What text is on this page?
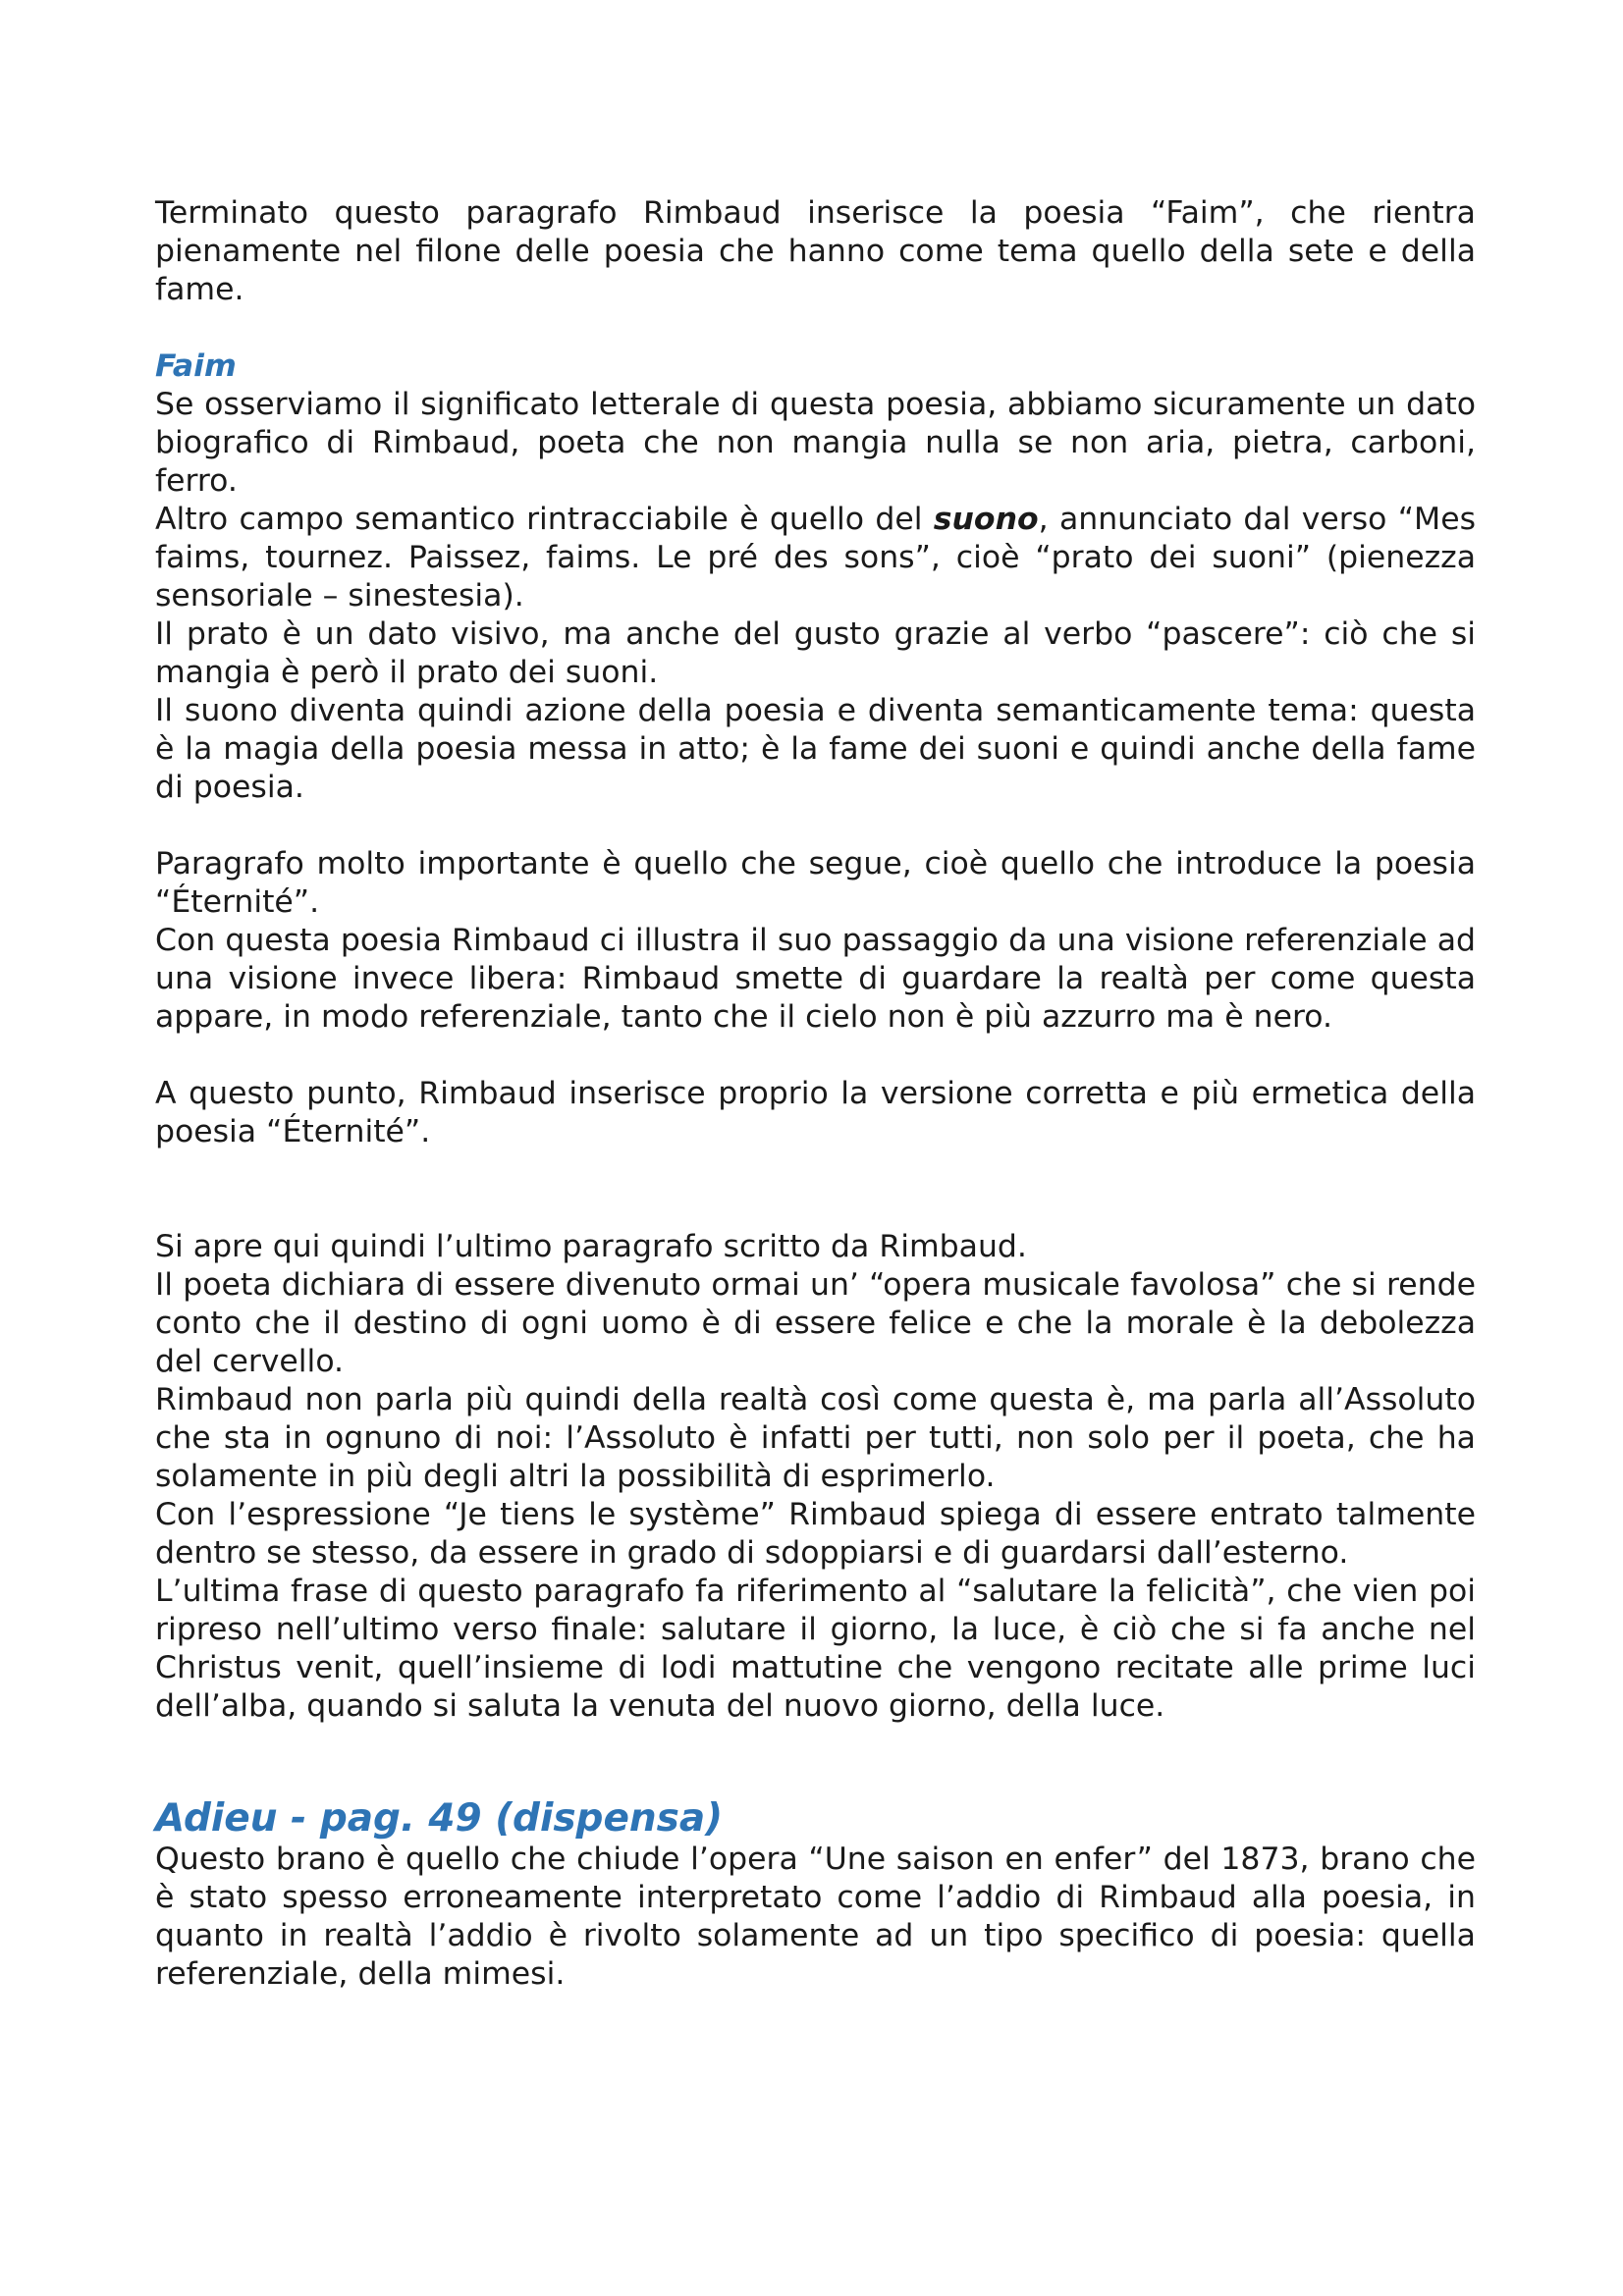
Terminato questo paragrafo Rimbaud inserisce la poesia “Faim”, che rientra pienamente nel filone delle poesia che hanno come tema quello della sete e della fame.

Faim

Se osserviamo il significato letterale di questa poesia, abbiamo sicuramente un dato biografico di Rimbaud, poeta che non mangia nulla se non aria, pietra, carboni, ferro.

Altro campo semantico rintracciabile è quello del suono, annunciato dal verso “Mes faims, tournez. Paissez, faims. Le pré des sons”, cioè “prato dei suoni” (pienezza sensoriale – sinestesia).

Il prato è un dato visivo, ma anche del gusto grazie al verbo “pascere”: ciò che si mangia è però il prato dei suoni.

Il suono diventa quindi azione della poesia e diventa semanticamente tema: questa è la magia della poesia messa in atto; è la fame dei suoni e quindi anche della fame di poesia.

Paragrafo molto importante è quello che segue, cioè quello che introduce la poesia “Éternité”.

Con questa poesia Rimbaud ci illustra il suo passaggio da una visione referenziale ad una visione invece libera: Rimbaud smette di guardare la realtà per come questa appare, in modo referenziale, tanto che il cielo non è più azzurro ma è nero.

A questo punto, Rimbaud inserisce proprio la versione corretta e più ermetica della poesia “Éternité”.

Si apre qui quindi l’ultimo paragrafo scritto da Rimbaud.

Il poeta dichiara di essere divenuto ormai un’ “opera musicale favolosa” che si rende conto che il destino di ogni uomo è di essere felice e che la morale è la debolezza del cervello.

Rimbaud non parla più quindi della realtà così come questa è, ma parla all’Assoluto che sta in ognuno di noi: l’Assoluto è infatti per tutti, non solo per il poeta, che ha solamente in più degli altri la possibilità di esprimerlo.

Con l’espressione “Je tiens le système” Rimbaud spiega di essere entrato talmente dentro se stesso, da essere in grado di sdoppiarsi e di guardarsi dall’esterno.

L’ultima frase di questo paragrafo fa riferimento al “salutare la felicità”, che vien poi ripreso nell’ultimo verso finale: salutare il giorno, la luce, è ciò che si fa anche nel Christus venit, quell’insieme di lodi mattutine che vengono recitate alle prime luci dell’alba, quando si saluta la venuta del nuovo giorno, della luce.

Adieu - pag. 49 (dispensa)

Questo brano è quello che chiude l’opera “Une saison en enfer” del 1873, brano che è stato spesso erroneamente interpretato come l’addio di Rimbaud alla poesia, in quanto in realtà l’addio è rivolto solamente ad un tipo specifico di poesia: quella referenziale, della mimesi.
